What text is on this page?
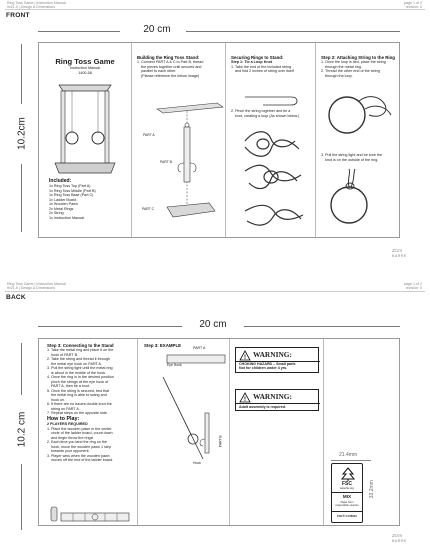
Ring Toss Game | Instruction Manual
9x21.5 | Design & Dimensions
page 1 of 2
revision: 0
FRONT
20 cm
10.2cm
Ring Toss Game
Instruction Manual
1400-58
Included:
1x Ring Toss Top (Part A)
1x Ring Toss Middle (Part B)
1x Ring Toss Base (Part C)
1x Ladder Board
1x Wooden Pawn
2x Metal Rings
2x String
1x Instruction Manual
Building the Ring Toss Stand:
1. Connect PART A & C to Part B, thread
the pieces together until secured and
parallel to each other.
(Please reference the below image)
PART A
PART B
PART C
Securing Rings to Stand:
Step 1: Tie a Loop Knot
1. Take the end of the included string
and fold 2 inches of string over itself
2. Pinch the string together and tie a
knot, creating a loop (As shown below.)
Step 2: Attaching String to the Ring
1. Once the loop is tied, place the string
through the metal ring.
2. Thread the other end of the string
through the loop.
3. Pull the string tight and be sure the
knot is on the outside of the ring.
Zcrm
BARRE
Ring Toss Game | Instruction Manual
9x21.5 | Design & Dimensions
page 1 of 2
revision: 0
BACK
20 cm
10.2 cm
Step 3: Connecting to the Stand
1. Take the metal ring and place it on the
hook of PART B.
2. Take the string and thread it through
the metal eye hook on PART A.
3. Pull the string tight until the metal ring
is about in the middle of the hook.
4. Once the ring is in the desired position
pinch the strings at the eye hook of
PART A, then tie a knot.
5. Once the string is secured, test that
the metal ring is able to swing and
hook on.
6. If there are no issues double knot the
string on PART A.
7. Repeat steps on the opposite side.
How to Play:
2 PLAYERS REQUIRED
1. Place the wooden pawn in the center
circle of the ladder board, count down
and begin throw the rings!
2. Each time you land the ring on the
hook, move the wooden pawn 1 step
towards your opponent.
3. Player wins when the wooden pawn
moves off the end of the ladder board.
Step 3: EXAMPLE	PART A
Eye Hook
PART B
Hook
! WARNING:
CHOKING HAZARD – Small parts
Not for children under 4 yrs.
! WARNING:
Adult assembly is required.
21.4mm
33.2mm
FSC
www.fsc.org
MIX
Paper from
responsible sources
FSC® C178910
Zcrm
BARRE
